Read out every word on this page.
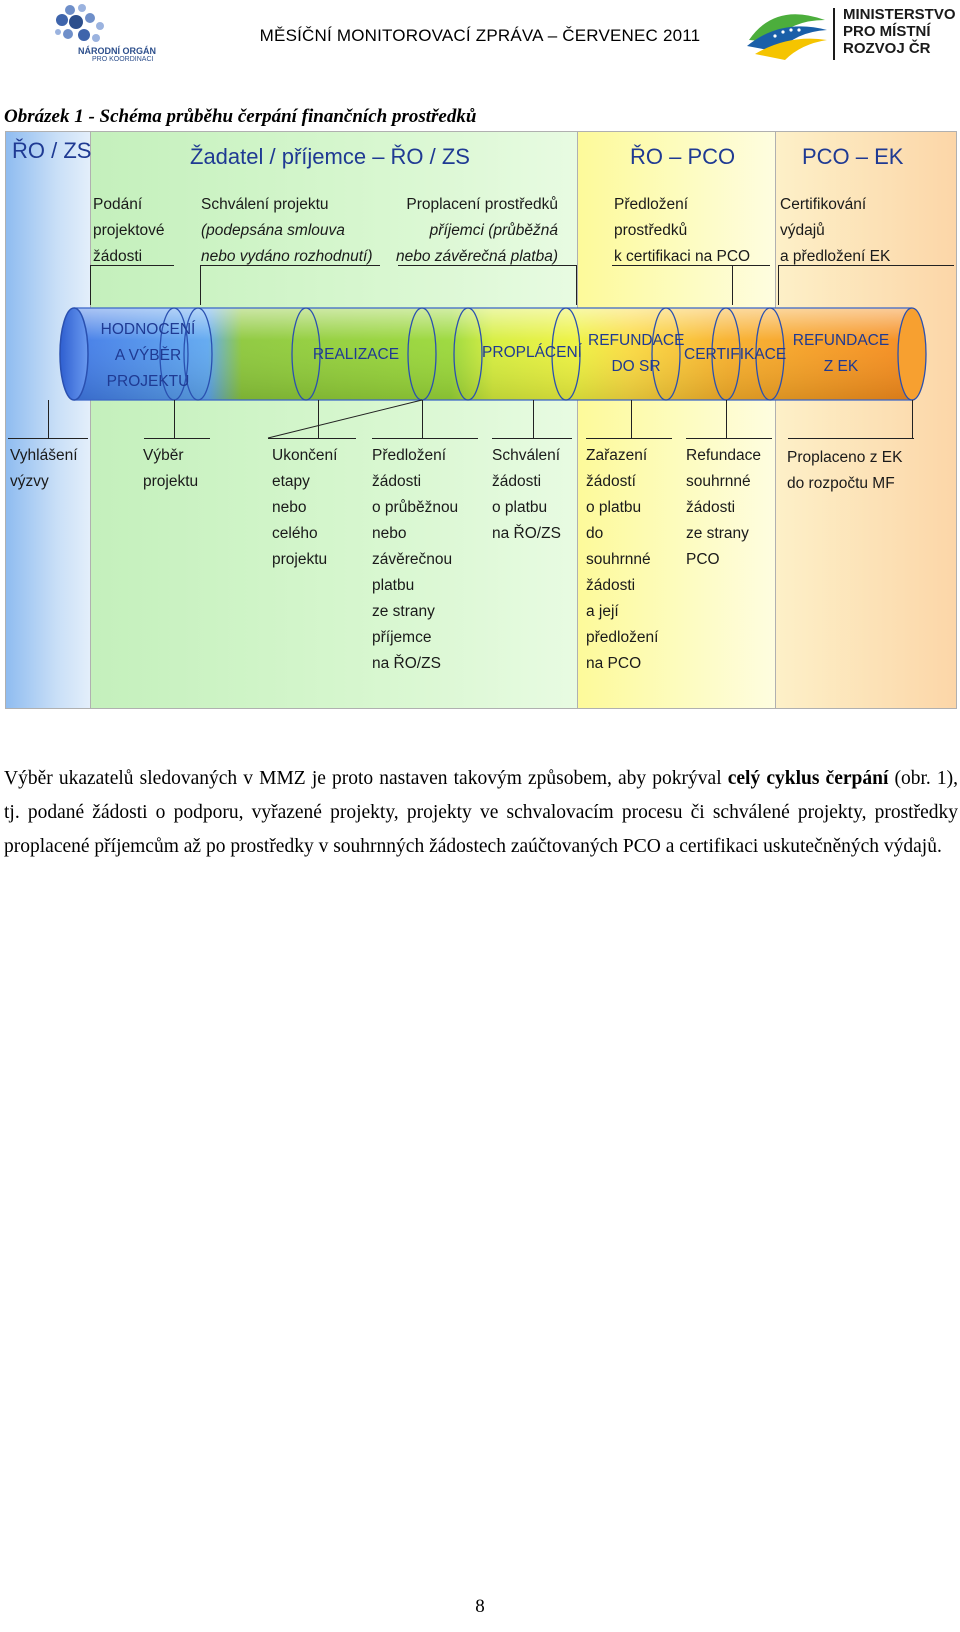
NÁRODNÍ ORGÁN
PRO KOORDINACI
MĚSÍČNÍ MONITOROVACÍ ZPRÁVA – ČERVENEC 2011
MINISTERSTVO
PRO MÍSTNÍ
ROZVOJ ČR
Obrázek 1 - Schéma průběhu čerpání finančních prostředků
ŘO / ZS	Žadatel / příjemce – ŘO / ZS	ŘO – PCO	PCO – EK
Podání
projektové
žádosti
Schválení projektu
(podepsána smlouva
nebo vydáno rozhodnutí)
Proplacení prostředků
příjemci (průběžná
nebo závěrečná platba)
Předložení
prostředků
k certifikaci na PCO
Certifikování
výdajů
a předložení EK
HODNOCENÍ
A VÝBĚR
PROJEKTU
REALIZACE	PROPLÁCENÍ
REFUNDACE
DO SR
CERTIFIKACE
REFUNDACE
Z EK
Vyhlášení
výzvy
Výběr
projektu
Ukončení
etapy
nebo
celého
projektu
Předložení
žádosti
o průběžnou
nebo
závěrečnou
platbu
ze strany
příjemce
na ŘO/ZS
Schválení
žádosti
o platbu
na ŘO/ZS
Zařazení
žádostí
o platbu
do
souhrnné
žádosti
a její
předložení
na PCO
Refundace
souhrnné
žádosti
ze strany
PCO
Proplaceno z EK
do rozpočtu MF
Výběr ukazatelů sledovaných v MMZ je proto nastaven takovým způsobem, aby pokrýval celý cyklus čerpání (obr. 1), tj. podané žádosti o podporu, vyřazené projekty, projekty ve schvalovacím procesu či schválené projekty, prostředky proplacené příjemcům až po prostředky v souhrnných žádostech zaúčtovaných PCO a certifikaci uskutečněných výdajů.
8
